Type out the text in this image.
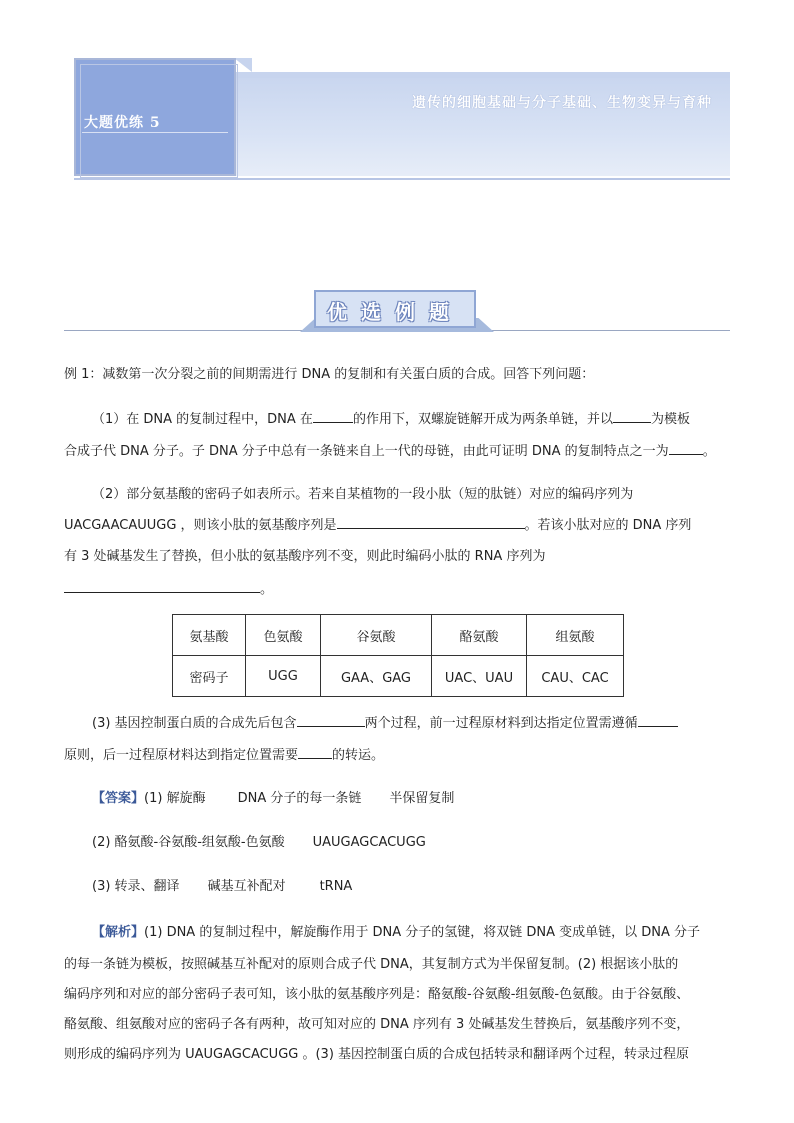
遗传的细胞基础与分子基础、生物变异与育种
大题优练 5
优选例题
例 1：减数第一次分裂之前的间期需进行 DNA 的复制和有关蛋白质的合成。回答下列问题：
（1）在 DNA 的复制过程中，DNA 在	的作用下，双螺旋链解开成为两条单链，并以	为模板
合成子代 DNA 分子。子 DNA 分子中总有一条链来自上一代的母链，由此可证明 DNA 的复制特点之一为	。
（2）部分氨基酸的密码子如表所示。若来自某植物的一段小肽（短的肽链）对应的编码序列为
UACGAACAUUGG ，则该小肽的氨基酸序列是	。若该小肽对应的 DNA 序列
有 3 处碱基发生了替换，但小肽的氨基酸序列不变，则此时编码小肽的 RNA 序列为
。
氨基酸	色氨酸	谷氨酸	酪氨酸	组氨酸
密码子	UGG	GAA、GAG	UAC、UAU	CAU、CAC
(3) 基因控制蛋白质的合成先后包含	两个过程，前一过程原材料到达指定位置需遵循
原则，后一过程原材料达到指定位置需要	的转运。
【答案】(1) 解旋酶 DNA 分子的每一条链 半保留复制
(2) 酪氨酸-谷氨酸-组氨酸-色氨酸 UAUGAGCACUGG
(3) 转录、翻译 碱基互补配对	tRNA
【解析】(1) DNA 的复制过程中，解旋酶作用于 DNA 分子的氢键，将双链 DNA 变成单链，以 DNA 分子
的每一条链为模板，按照碱基互补配对的原则合成子代 DNA，其复制方式为半保留复制。(2) 根据该小肽的
编码序列和对应的部分密码子表可知，该小肽的氨基酸序列是：酪氨酸-谷氨酸-组氨酸-色氨酸。由于谷氨酸、
酪氨酸、组氨酸对应的密码子各有两种，故可知对应的 DNA 序列有 3 处碱基发生替换后，氨基酸序列不变，
则形成的编码序列为 UAUGAGCACUGG 。(3) 基因控制蛋白质的合成包括转录和翻译两个过程，转录过程原
